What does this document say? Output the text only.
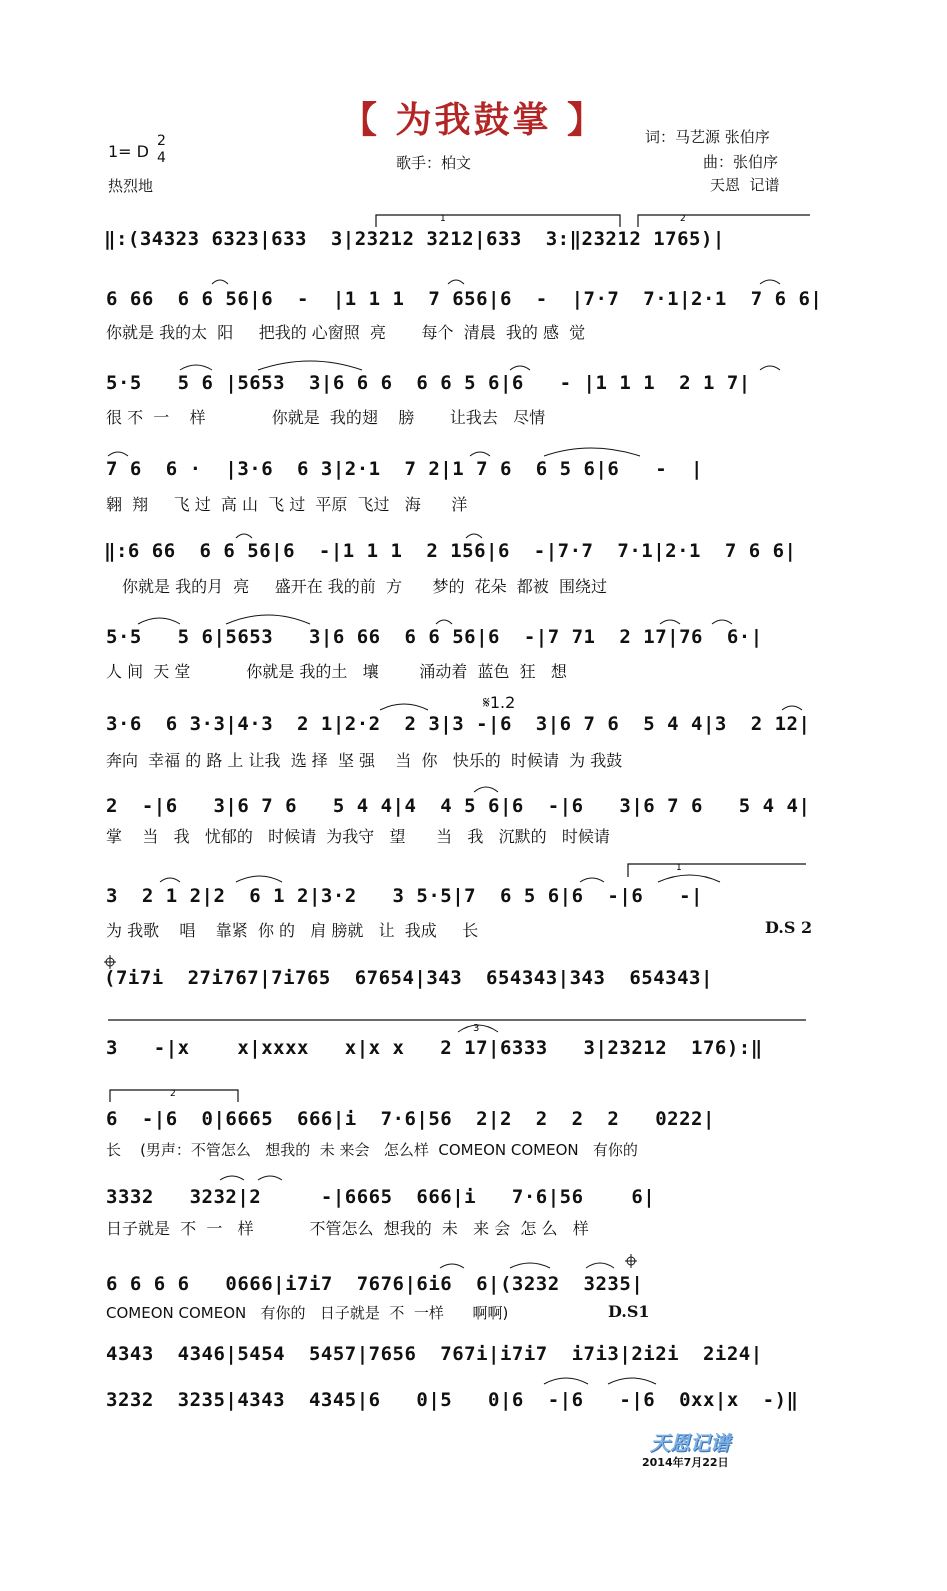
【 为我鼓掌 】
1= D
2
4
热烈地
歌手：柏文
词：马艺源 张伯序
曲：张伯序
天恩  记谱
‖:(34323 6323|633  3|23212 3212|633  3:‖23212 1765)|
6 66  6 6 56|6  -  |1 1 1  7 656|6  -  |7·7  7·1|2·1  7 6 6|
你就是 我的太  阳     把我的 心窗照  亮       每个  清晨  我的 感  觉
5·5   5 6 |5653  3|6 6 6  6 6 5 6|6   - |1 1 1  2 1 7|
很 不  一    样             你就是  我的翅    膀       让我去   尽情
7 6  6 ·  |3·6  6 3|2·1  7 2|1 7 6  6 5 6|6   -  |
翱  翔     飞 过  高 山  飞 过  平原  飞过   海      洋
‖:6 66  6 6 56|6  -|1 1 1  2 156|6  -|7·7  7·1|2·1  7 6 6|
你就是 我的月  亮     盛开在 我的前  方      梦的  花朵  都被  围绕过
5·5   5 6|5653   3|6 66  6 6 56|6  -|7 71  2 17|76  6·|
人 间  天 堂           你就是 我的土   壤        涌动着  蓝色  狂   想
𝄋1.2
3·6  6 3·3|4·3  2 1|2·2  2 3|3 -|6  3|6 7 6  5 4 4|3  2 12|
奔向  幸福 的 路 上 让我  选 择  坚 强    当  你   快乐的  时候请  为 我鼓
2  -|6   3|6 7 6   5 4 4|4  4 5 6|6  -|6   3|6 7 6   5 4 4|
掌    当   我   忧郁的   时候请  为我守   望      当   我   沉默的   时候请
3  2 1 2|2  6 1 2|3·2   3 5·5|7  6 5 6|6  -|6   -|
为 我歌    唱    靠紧  你 的   肩 膀就   让  我成     长	D.S 2
(7i7i  27i767|7i765  67654|343  654343|343  654343|
3   -|x    x|xxxx   x|x x   2 17|6333   3|23212  176):‖
6  -|6  0|6665  666|i  7·6|56  2|2  2  2  2   0222|
长    (男声：不管怎么   想我的  未 来会   怎么样  COMEON COMEON   有你的
3332   3232|2     -|6665  666|i   7·6|56    6|
日子就是  不  一   样           不管怎么  想我的  未   来 会  怎 么   样
6 6 6 6   0666|i7i7  7676|6i6  6|(3232  3235|
COMEON COMEON   有你的   日子就是  不  一样      啊啊)	D.S1
4343  4346|5454  5457|7656  767i|i7i7  i7i3|2i2i  2i24|
3232  3235|4343  4345|6   0|5   0|6  -|6   -|6  0xx|x  -)‖
3
1	2
1
2
天恩记谱
2014年7月22日
